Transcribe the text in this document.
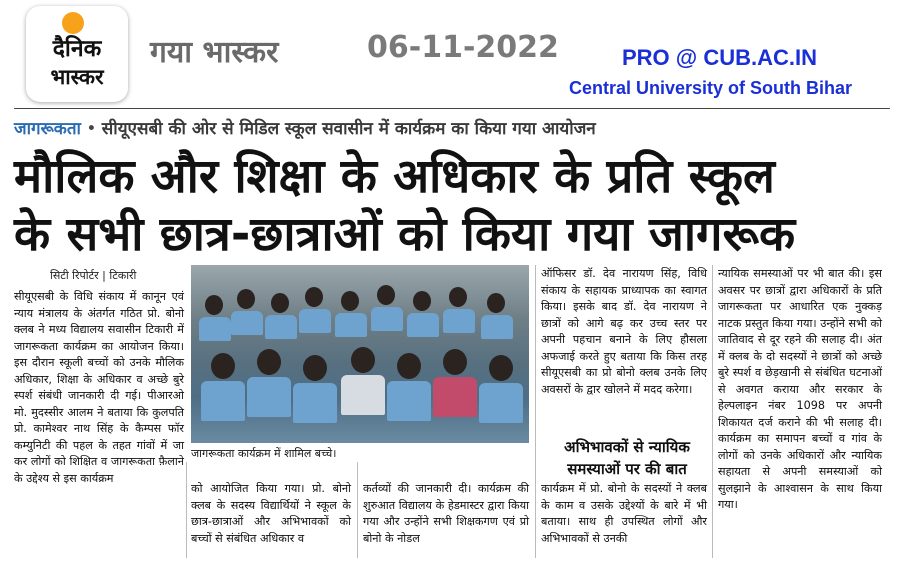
दैनिक
भास्कर
गया भास्कर	06-11-2022	PRO @ CUB.AC.IN
Central University of South Bihar
जागरूकता • सीयूएसबी की ओर से मिडिल स्कूल सवासीन में कार्यक्रम का किया गया आयोजन
मौलिक और शिक्षा के अधिकार के प्रति स्कूल
के सभी छात्र-छात्राओं को किया गया जागरूक
सिटी रिपोर्टर | टिकारी
सीयूएसबी के विधि संकाय में कानून एवं न्याय मंत्रालय के अंतर्गत गठित प्रो. बोनो क्लब ने मध्य विद्यालय सवासीन टिकारी में जागरूकता कार्यक्रम का आयोजन किया। इस दौरान स्कूली बच्चों को उनके मौलिक अधिकार, शिक्षा के अधिकार व अच्छे बुरे स्पर्श संबंधी जानकारी दी गई। पीआरओ मो. मुदस्सीर आलम ने बताया कि कुलपति प्रो. कामेश्वर नाथ सिंह के कैम्पस फॉर कम्युनिटी की पहल के तहत गांवों में जा कर लोगों को शिक्षित व जागरूकता फ़ैलाने के उद्देश्य से इस कार्यक्रम
जागरूकता कार्यक्रम में शामिल बच्चे।
को आयोजित किया गया। प्रो. बोनो क्लब के सदस्य विद्यार्थियों ने स्कूल के छात्र-छात्राओं और अभिभावकों को बच्चों से संबंधित अधिकार व
कर्तव्यों की जानकारी दी। कार्यक्रम की शुरुआत विद्यालय के हेडमास्टर द्वारा किया गया और उन्होंने सभी शिक्षकगण एवं प्रो बोनो के नोडल
ऑफिसर डॉ. देव नारायण सिंह, विधि संकाय के सहायक प्राध्यापक का स्वागत किया। इसके बाद डॉ. देव नारायण ने छात्रों को आगे बढ़ कर उच्च स्तर पर अपनी पहचान बनाने के लिए हौसला अफजाई करते हुए बताया कि किस तरह सीयूएसबी का प्रो बोनो क्लब उनके लिए अवसरों के द्वार खोलने में मदद करेगा।
अभिभावकों से न्यायिक समस्याओं पर की बात
कार्यक्रम में प्रो. बोनो के सदस्यों ने क्लब के काम व उसके उद्देश्यों के बारे में भी बताया। साथ ही उपस्थित लोगों और अभिभावकों से उनकी
न्यायिक समस्याओं पर भी बात की। इस अवसर पर छात्रों द्वारा अधिकारों के प्रति जागरूकता पर आधारित एक नुक्कड़ नाटक प्रस्तुत किया गया। उन्होंने सभी को जातिवाद से दूर रहने की सलाह दी। अंत में क्लब के दो सदस्यों ने छात्रों को अच्छे बुरे स्पर्श व छेड़खानी से संबंधित घटनाओं से अवगत कराया और सरकार के हेल्पलाइन नंबर 1098 पर अपनी शिकायत दर्ज कराने की भी सलाह दी। कार्यक्रम का समापन बच्चों व गांव के लोगों को उनके अधिकारों और न्यायिक सहायता से अपनी समस्याओं को सुलझाने के आश्वासन के साथ किया गया।
